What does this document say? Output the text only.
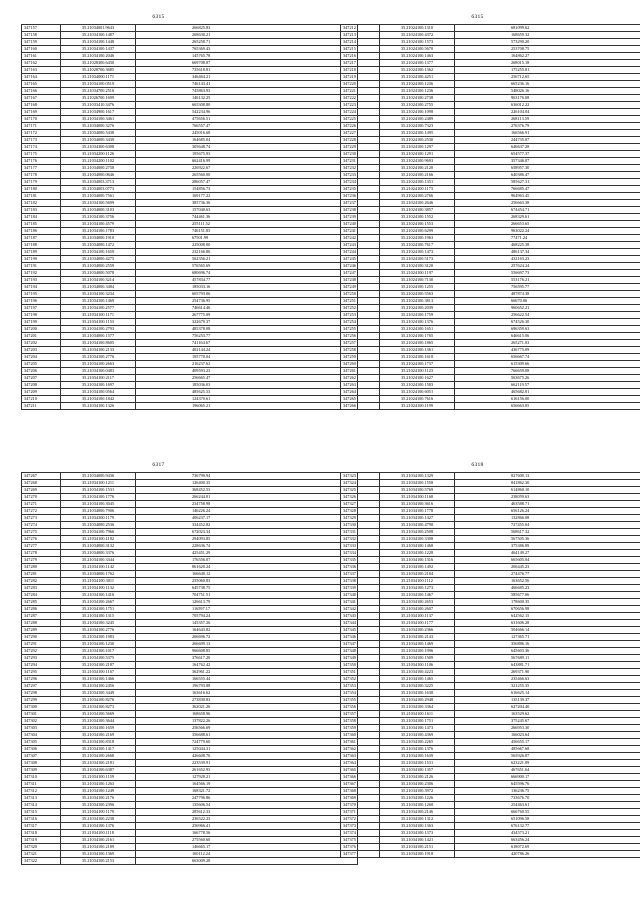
6315
347157	35.21034001.9643	266825.83
347158	35.21034100.1487	268630.21
347159	35.21034100.1448	265258.71
347160	35.21034100.1437	765369.43
347161	35.21034100.2046	145765.78
347162	35.21028300.6430	669708.87
347163	35.21028700.3685	735618.81
347164	35.21034000.1171	346464.21
347165	35.21034100.0519	746143.41
347166	35.21034700.2516	745863.93
347167	35.21026700.1699	146132.25
347168	35.21033410.3476	665308.80
347169	35.21034900.1617	542234.96
347170	35.21034100.3461	475656.51
347171	35.21034000.3276	766557.47
347172	35.21034000.5438	245016.68
347173	35.21034000.3439	164685.04
347174	35.21034300.6308	305648.74
347175	35.21034200.1126	195675.93
347176	35.21034200.1102	662416.99
347177	35.21034000.2758	226922.67
347178	35.21034000.0646	265560.00
347179	35.21034003.3713	286057.47
347180	35.21034003.0773	154856.73
347181	35.21034000.7561	169177.22
347182	35.21034100.5699	385736.36
347183	35.21034000.3103	157040.63
347184	35.21034100.3756	744461.36
347185	35.21034100.4579	255111.52
347186	35.21034100.1783	746151.85
347187	35.21034000.1910	67501.99
347188	35.21034000.1472	225008.00
347189	35.21034100.1659	232166.86
347190	35.21034000.4275	562356.21
347191	35.21034000.2559	576565.69
347192	35.21034000.5078	680696.74
347193	35.21034100.3214	457834.77
347194	35.21034000.3484	185033.16
347195	35.21034100.3234	605793.06
347196	35.21034100.1469	254736.95
347197	35.21034100.2577	746614.46
347198	35.21034100.1171	267775.09
347199	35.21034100.1153	322679.37
347200	35.21034100.2793	485378.08
347201	35.21034000.1577	756253.77
347202	35.21034100.8605	741164.67
347203	35.21034100.2133	402144.24
347204	35.21034100.2776	195770.04
347205	35.21034100.2663	216237.62
347206	35.21034100.0483	409593.23
347207	35.21034100.2117	256665.47
347208	35.21034100.1697	185036.03
347209	35.21034100.0564	485625.53
347210	35.21034100.1842	124370.61
347211	35.21034100.1326	196065.21
6315
347212	35.21024100.1310	681099.62
347213	35.21024100.4372	168659.32
347214	35.21024100.1573	573290.20
347215	35.21024100.5670	253708.75
347216	35.21024100.1463	164862.27
347217	35.21024100.1377	268015.18
347218	35.21024100.1362	175255.81
347219	35.21024100.4251	256712.65
347220	35.21024100.1236	665236.16
347221	35.21024100.1236	548026.16
347222	35.21024100.2738	963176.08
347223	35.21024100.2755	636012.22
347224	35.21024100.1098	226104.04
347225	35.21024100.2489	268113.59
347226	35.21024100.7323	276376.79
347227	35.21024100.1495	166566.91
347228	35.21024100.2530	244735.07
347229	35.21024100.1297	646637.28
347230	35.21024100.1291	654577.37
347231	35.21024100.9693	357346.07
347232	35.21024100.2120	658957.30
347233	35.21024100.2166	640386.47
347234	35.21024100.1351	585627.31
347235	35.21024100.1173	766685.47
347236	35.21024100.2766	964963.45
347237	35.21024100.2646	256663.38
347238	35.21024100.3857	674454.71
347239	35.21024100.1552	268329.61
347240	35.21024100.1553	266653.65
347241	35.21024100.6299	963022.24
347242	35.21024100.1963	77471.24
347243	35.21024100.7617	468225.38
347244	35.21024100.1473	486137.34
347245	35.21024100.5173	432163.23
347246	35.21024100.3120	257624.24
347247	35.21024100.1197	556697.73
347248	35.21024100.7130	553176.21
347249	35.21024100.1255	756595.77
347250	35.21024100.5563	487874.38
347251	35.21024100.3813	66670.06
347252	35.21024100.2039	960652.21
347253	35.21024100.1759	256622.54
347254	35.21024100.1376	674526.30
347255	35.21024100.1651	696359.63
347256	35.21024100.1765	646615.06
347257	35.21024100.1865	265271.03
347258	35.21024100.1361	436775.09
347259	35.21024100.1618	656667.74
347260	35.21024100.1737	615309.66
347261	35.21024100.1123	766659.08
347262	35.21024100.1627	563675.26
347263	35.21024100.1583	662119.57
347264	35.21024100.6051	465682.81
347265	35.21024100.7616	616156.00
347266	35.21024100.1199	656663.05
6317
347267	35.21034000.9436	736799.94
347268	35.21034100.1211	126400.35
347269	35.21034100.1531	368452.53
347270	35.21034100.1776	266244.01
347271	35.21034100.3045	234758.98
347272	35.21034000.7906	146226.24
347273	35.21034300.1179	406237.17
347274	35.21034000.2536	334452.82
347275	35.21034100.7966	672023.34
347276	35.21034100.1182	294093.85
347277	35.21034000.3132	228636.74
347278	35.21034000.3376	425451.29
347279	35.21034100.3344	176556.07
347280	35.21034100.1142	861620.24
347281	35.21034000.1762	166640.12
347282	35.21034100.3011	255060.83
347283	35.21034100.1132	645738.75
347284	35.21034100.1416	704751.51
347285	35.21034100.2667	126613.79
347286	35.21034100.1751	116597.17
347287	35.21034100.1315	705794.24
347288	35.21034100.3245	145357.26
347289	35.21034100.2776	164643.82
347290	35.21034100.1983	266696.72
347291	35.21034100.1230	266699.13
347292	35.21034100.1017	966608.85
347293	35.21034100.5375	376617.20
347294	35.21034100.2187	164762.42
347295	35.21034100.1167	362961.22
347296	35.21034100.1466	166555.44
347297	35.21034100.2456	196793.88
347298	35.21034100.3449	163616.62
347299	35.21034100.8276	273830.83
347300	35.21034100.8273	362021.26
347301	35.21034100.5669	168658.96
347302	35.21034100.3644	137822.26
347303	35.21034100.1659	256566.69
347304	35.21034100.2169	356688.61
347305	35.21034100.8318	724779.60
347306	35.21034100.1417	125044.31
347307	35.21034100.2668	426608.76
347308	35.21034100.2181	223539.91
347309	35.21034100.6387	261652.93
347310	35.21034100.1159	127928.21
347311	35.21034100.1263	164566.19
347312	35.21034100.1249	168321.72
347313	35.21034100.2176	247796.86
347314	35.21034100.2396	135606.54
347315	35.21034100.1179	285612.33
347316	35.21034100.2238	236522.23
347317	35.21034100.1376	256966.41
347318	35.21034100.1118	166778.56
347319	35.21034100.2161	275560.60
347320	35.21034100.2189	146665.17
347321	35.21034100.1369	160112.24
347322	35.21034100.2153	663009.28
6318
347323	35.21034100.1329	827600.13
347324	35.21034100.1558	841862.30
347325	35.21034100.5769	614860.10
347326	35.21034100.1168	238059.63
347327	35.21034100.3616	463588.71
347328	35.21034100.1778	656126.24
347329	35.21034100.1427	132866.08
347330	35.21034100.4798	727455.04
347331	35.21034100.2508	568617.32
347332	35.21034100.3308	567505.36
347333	35.21034100.1468	375386.89
347334	35.21034100.1228	464149.27
347335	35.21034100.1316	665605.04
347336	35.21034100.1492	206445.23
347337	35.21034100.2184	274476.77
347338	35.21034100.1112	163652.56
347339	35.21034100.1273	466685.23
347340	35.21034100.1467	585677.06
347341	35.21034100.2653	178600.35
347342	35.21034100.2607	670656.98
347343	35.21034100.1137	642562.15
347344	35.21034100.1177	631606.28
347345	35.21034100.2366	504666.14
347346	35.21034100.2143	127365.71
347347	35.21034100.1469	356886.16
347348	35.21034100.1996	645603.36
347349	35.21034100.1509	567689.11
347350	35.21034100.1106	643881.71
347351	35.21034100.4223	269371.90
347352	35.21034100.1465	235466.63
347353	35.21034100.3225	321255.35
347354	35.21034100.1638	616625.14
347355	35.21034100.2948	135139.37
347356	35.21034100.3364	627204.40
347357	35.21034100.1611	163529.62
347358	35.21034100.1751	375245.67
347359	35.21034100.1473	266953.30
347360	35.21034100.4369	166023.64
347361	35.21034100.2265	456655.17
347362	35.21034100.1376	485667.68
347363	35.21034100.1639	565926.87
347364	35.21034100.1531	623221.09
347365	35.21034100.1357	467651.64
347366	35.21034100.2126	666900.17
347367	35.21034100.2306	645596.76
347368	35.21034100.3972	136236.75
347369	35.21034100.1226	733676.70
347370	35.21034100.1268	254463.61
347371	35.21034100.2146	666760.55
347372	35.21034100.1312	651096.58
347373	35.21034100.1363	676132.77
347374	35.21034100.1373	434573.21
347375	35.21034100.1421	663456.24
347376	35.21034100.2151	618072.69
347377	35.21034100.1918	420786.26
